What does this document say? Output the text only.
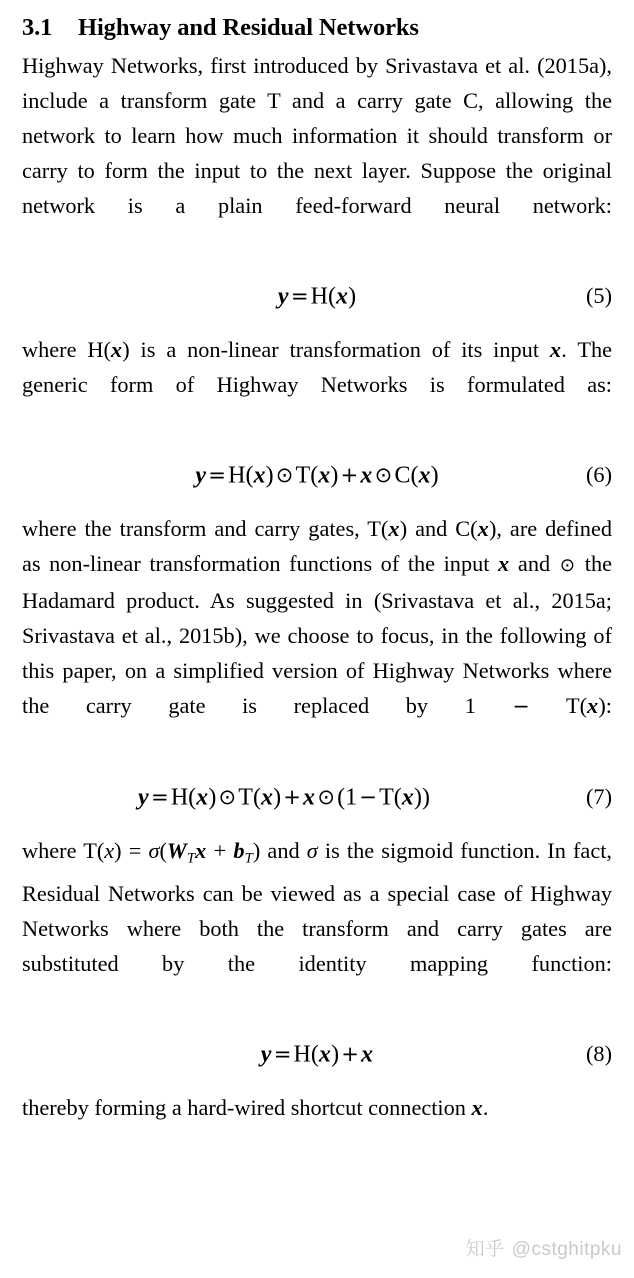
3.1 Highway and Residual Networks

Highway Networks, first introduced by Srivastava et al. (2015a), include a transform gate T and a carry gate C, allowing the network to learn how much information it should transform or carry to form the input to the next layer. Suppose the original network is a plain feed-forward neural network:

y=H(x)	(5)

where H(x) is a non-linear transformation of its input x. The generic form of Highway Networks is formulated as:

y=H(x)⊙T(x)+x⊙C(x)	(6)

where the transform and carry gates, T(x) and C(x), are defined as non-linear transformation functions of the input x and ⊙ the Hadamard product. As suggested in (Srivastava et al., 2015a; Srivastava et al., 2015b), we choose to focus, in the following of this paper, on a simplified version of Highway Networks where the carry gate is replaced by 1 − T(x):

y=H(x)⊙T(x)+x⊙(1−T(x))	(7)

where $T(x) = \sigma(W_Tx + b_T)$ and σ is the sigmoid function. In fact, Residual Networks can be viewed as a special case of Highway Networks where both the transform and carry gates are substituted by the identity mapping function:

y=H(x)+x	(8)

thereby forming a hard-wired shortcut connection x.

知乎 @cstghitpku
